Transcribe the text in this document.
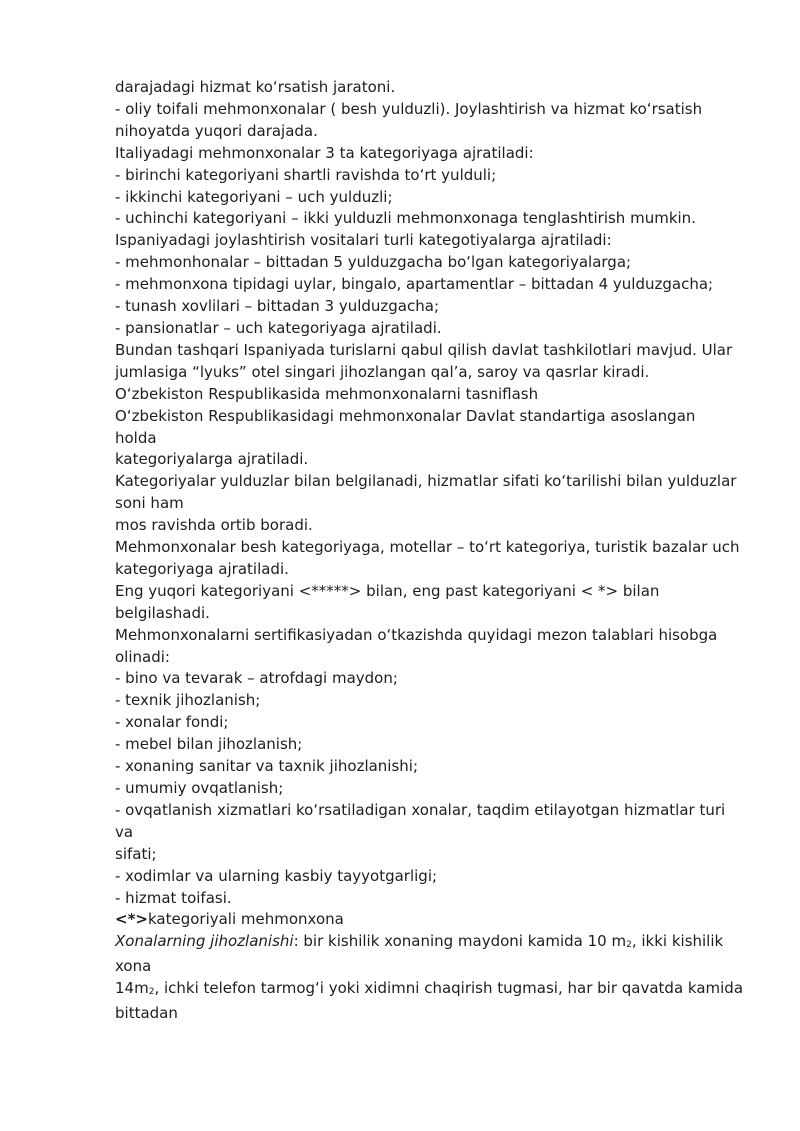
darajadagi hizmat koʻrsatish jaratoni.
- oliy toifali mehmonxonalar ( besh yulduzli). Joylashtirish va hizmat koʻrsatish
nihoyatda yuqori darajada.
Italiyadagi mehmonxonalar 3 ta kategoriyaga ajratiladi:
- birinchi kategoriyani shartli ravishda toʻrt yulduli;
- ikkinchi kategoriyani – uch yulduzli;
- uchinchi kategoriyani – ikki yulduzli mehmonxonaga tenglashtirish mumkin.
Ispaniyadagi joylashtirish vositalari turli kategotiyalarga ajratiladi:
- mehmonhonalar – bittadan 5 yulduzgacha boʻlgan kategoriyalarga;
- mehmonxona tipidagi uylar, bingalo, apartamentlar – bittadan 4 yulduzgacha;
- tunash xovlilari – bittadan 3 yulduzgacha;
- pansionatlar – uch kategoriyaga ajratiladi.
Bundan tashqari Ispaniyada turislarni qabul qilish davlat tashkilotlari mavjud. Ular
jumlasiga “lyuks” otel singari jihozlangan qalʼa, saroy va qasrlar kiradi.
Oʻzbekiston Respublikasida mehmonxonalarni tasniflash
Oʻzbekiston Respublikasidagi mehmonxonalar Davlat standartiga asoslangan
holda
kategoriyalarga ajratiladi.
Kategoriyalar yulduzlar bilan belgilanadi, hizmatlar sifati koʻtarilishi bilan yulduzlar
soni ham
mos ravishda ortib boradi.
Mehmonxonalar besh kategoriyaga, motellar – toʻrt kategoriya, turistik bazalar uch
kategoriyaga ajratiladi.
Eng yuqori kategoriyani <*****> bilan, eng past kategoriyani < *> bilan
belgilashadi.
Mehmonxonalarni sertifikasiyadan oʻtkazishda quyidagi mezon talablari hisobga
olinadi:
- bino va tevarak – atrofdagi maydon;
- texnik jihozlanish;
- xonalar fondi;
- mebel bilan jihozlanish;
- xonaning sanitar va taxnik jihozlanishi;
- umumiy ovqatlanish;
- ovqatlanish xizmatlari koʻrsatiladigan xonalar, taqdim etilayotgan hizmatlar turi
va
sifati;
- xodimlar va ularning kasbiy tayyotgarligi;
- hizmat toifasi.
<*>kategoriyali mehmonxona
Xonalarning jihozlanishi: bir kishilik xonaning maydoni kamida 10 $m_2$, ikki kishilik
xona
$14m_2$, ichki telefon tarmogʻi yoki xidimni chaqirish tugmasi, har bir qavatda kamida
bittadan
